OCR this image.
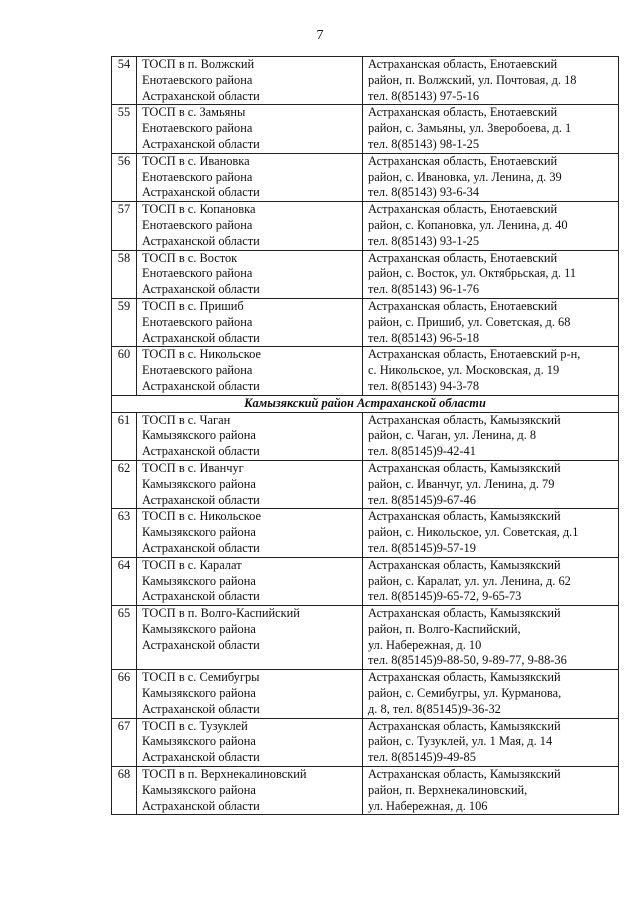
7
54	ТОСП в п. Волжский
Енотаевского района
Астраханской области	Астраханская область, Енотаевский
район, п. Волжский, ул. Почтовая, д. 18
тел. 8(85143) 97-5-16
55	ТОСП в с. Замьяны
Енотаевского района
Астраханской области	Астраханская область, Енотаевский
район, с. Замьяны, ул. Зверобоева, д. 1
тел. 8(85143) 98-1-25
56	ТОСП в с. Ивановка
Енотаевского района
Астраханской области	Астраханская область, Енотаевский
район, с. Ивановка, ул. Ленина, д. 39
тел. 8(85143) 93-6-34
57	ТОСП в с. Копановка
Енотаевского района
Астраханской области	Астраханская область, Енотаевский
район, с. Копановка, ул. Ленина, д. 40
тел. 8(85143) 93-1-25
58	ТОСП в с. Восток
Енотаевского района
Астраханской области	Астраханская область, Енотаевский
район, с. Восток, ул. Октябрьская, д. 11
тел. 8(85143) 96-1-76
59	ТОСП в с. Пришиб
Енотаевского района
Астраханской области	Астраханская область, Енотаевский
район, с. Пришиб, ул. Советская, д. 68
тел. 8(85143) 96-5-18
60	ТОСП в с. Никольское
Енотаевского района
Астраханской области	Астраханская область, Енотаевский р-н,
с. Никольское, ул. Московская, д. 19
тел. 8(85143) 94-3-78
Камызякский район Астраханской области		
61	ТОСП в с. Чаган
Камызякского района
Астраханской области	Астраханская область, Камызякский
район, с. Чаган, ул. Ленина, д. 8
тел. 8(85145)9-42-41
62	ТОСП в с. Иванчуг
Камызякского района
Астраханской области	Астраханская область, Камызякский
район, с. Иванчуг, ул. Ленина, д. 79
тел. 8(85145)9-67-46
63	ТОСП в с. Никольское
Камызякского района
Астраханской области	Астраханская область, Камызякский
район, с. Никольское, ул. Советская, д.1
тел. 8(85145)9-57-19
64	ТОСП в с. Каралат
Камызякского района
Астраханской области	Астраханская область, Камызякский
район, с. Каралат, ул. ул. Ленина, д. 62
тел. 8(85145)9-65-72, 9-65-73
65	ТОСП в п. Волго-Каспийский
Камызякского района
Астраханской области	Астраханская область, Камызякский
район, п. Волго-Каспийский,
ул. Набережная, д. 10
тел. 8(85145)9-88-50, 9-89-77, 9-88-36
66	ТОСП в с. Семибугры
Камызякского района
Астраханской области	Астраханская область, Камызякский
район, с. Семибугры, ул. Курманова,
д. 8, тел. 8(85145)9-36-32
67	ТОСП в с. Тузуклей
Камызякского района
Астраханской области	Астраханская область, Камызякский
район, с. Тузуклей, ул. 1 Мая, д. 14
тел. 8(85145)9-49-85
68	ТОСП в п. Верхнекалиновский
Камызякского района
Астраханской области	Астраханская область, Камызякский
район, п. Верхнекалиновский,
ул. Набережная, д. 106
